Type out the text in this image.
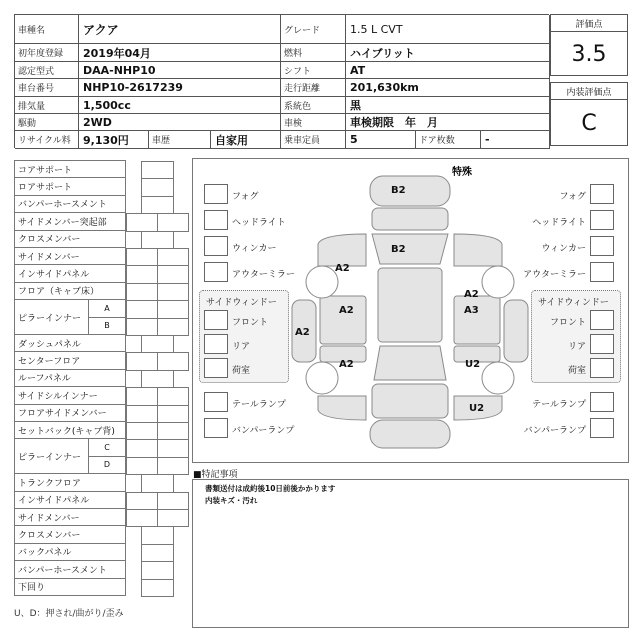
車種名	アクア	グレード	1.5 L CVT
初年度登録	2019年04月	燃料	ハイブリット
認定型式	DAA-NHP10	シフト	AT
車台番号	NHP10-2617239	走行距離	201,630km
排気量	1,500cc	系統色	黒
駆動	2WD	車検	車検期限　年　月
リサイクル料	9,130円	車歴	自家用	乗車定員	5	ドア枚数	-
評価点
3.5
内装評価点
C
コアサポート
ロアサポート
バンパーホースメント
サイドメンバー突起部
クロスメンバー
サイドメンバー
インサイドパネル
フロア（キャブ床）
ピラーインナー
A
B
ダッシュパネル
センターフロア
ルーフパネル
サイドシルインナー
フロアサイドメンバー
セットバック(キャブ背)
ピラーインナー
C
D
トランクフロア
インサイドパネル
サイドメンバー
クロスメンバー
バックパネル
バンパーホースメント
下回り
U、D：押され/曲がり/歪み
特殊
B2
B2
A2
A2
A2
A2
A2
A3
U2
U2
フォグ
ヘッドライト
ウィンカー
アウターミラー
サイドウィンドー
フロント
リア
荷室
テールランプ
バンパーランプ
フォグ
ヘッドライト
ウィンカー
アウターミラー
サイドウィンドー
フロント
リア
荷室
テールランプ
バンパーランプ
■特記事項
書類送付は成約後10日前後かかります
内装キズ・汚れ
